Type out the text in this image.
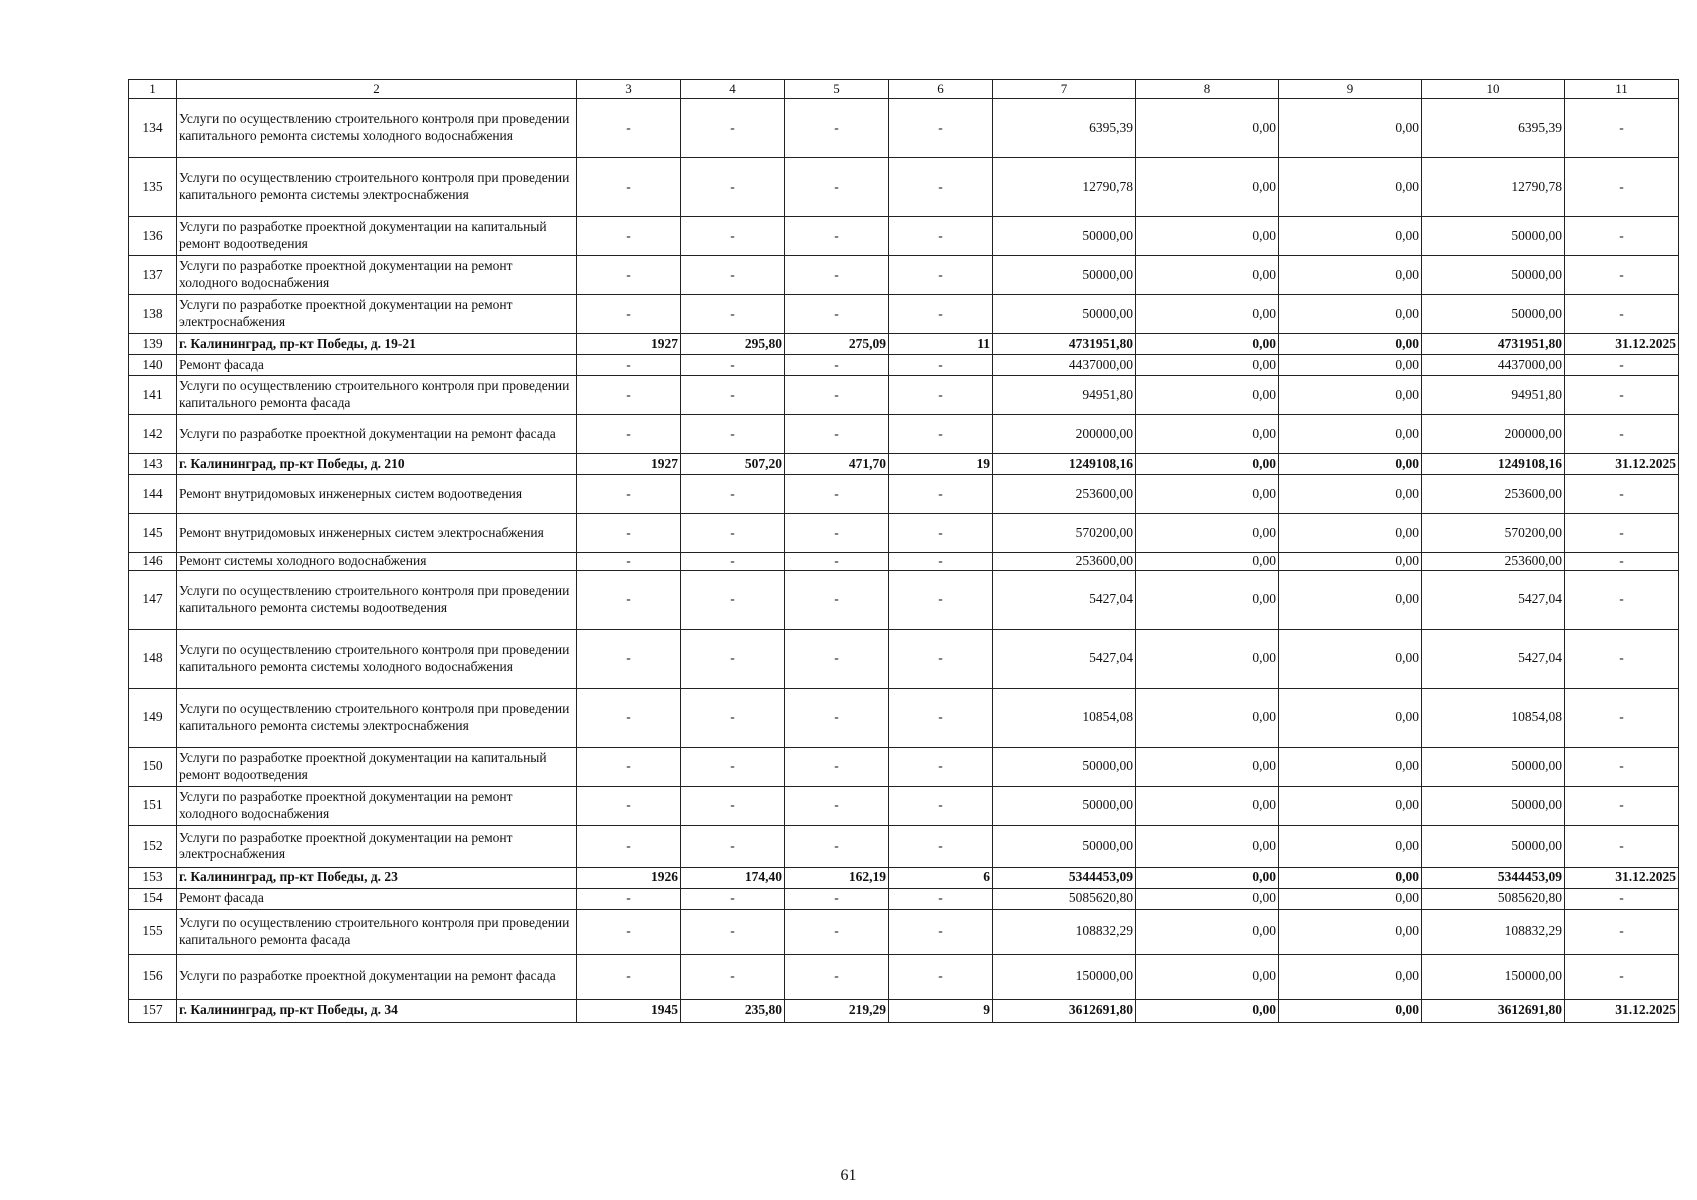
1	2	3	4	5	6	7	8	9	10	11
134	Услуги по осуществлению строительного контроля при проведении капитального ремонта системы холодного водоснабжения	-	-	-	-	6395,39	0,00	0,00	6395,39	-
135	Услуги по осуществлению строительного контроля при проведении капитального ремонта системы электроснабжения	-	-	-	-	12790,78	0,00	0,00	12790,78	-
136	Услуги по разработке проектной документации на капитальный ремонт водоотведения	-	-	-	-	50000,00	0,00	0,00	50000,00	-
137	Услуги по разработке проектной документации на ремонт холодного водоснабжения	-	-	-	-	50000,00	0,00	0,00	50000,00	-
138	Услуги по разработке проектной документации на ремонт электроснабжения	-	-	-	-	50000,00	0,00	0,00	50000,00	-
139	г. Калининград, пр-кт Победы, д. 19-21	1927	295,80	275,09	11	4731951,80	0,00	0,00	4731951,80	31.12.2025
140	Ремонт фасада	-	-	-	-	4437000,00	0,00	0,00	4437000,00	-
141	Услуги по осуществлению строительного контроля при проведении капитального ремонта фасада	-	-	-	-	94951,80	0,00	0,00	94951,80	-
142	Услуги по разработке проектной документации на ремонт фасада	-	-	-	-	200000,00	0,00	0,00	200000,00	-
143	г. Калининград, пр-кт Победы, д. 210	1927	507,20	471,70	19	1249108,16	0,00	0,00	1249108,16	31.12.2025
144	Ремонт внутридомовых инженерных систем водоотведения	-	-	-	-	253600,00	0,00	0,00	253600,00	-
145	Ремонт внутридомовых инженерных систем электроснабжения	-	-	-	-	570200,00	0,00	0,00	570200,00	-
146	Ремонт системы холодного водоснабжения	-	-	-	-	253600,00	0,00	0,00	253600,00	-
147	Услуги по осуществлению строительного контроля при проведении капитального ремонта системы водоотведения	-	-	-	-	5427,04	0,00	0,00	5427,04	-
148	Услуги по осуществлению строительного контроля при проведении капитального ремонта системы холодного водоснабжения	-	-	-	-	5427,04	0,00	0,00	5427,04	-
149	Услуги по осуществлению строительного контроля при проведении капитального ремонта системы электроснабжения	-	-	-	-	10854,08	0,00	0,00	10854,08	-
150	Услуги по разработке проектной документации на капитальный ремонт водоотведения	-	-	-	-	50000,00	0,00	0,00	50000,00	-
151	Услуги по разработке проектной документации на ремонт холодного водоснабжения	-	-	-	-	50000,00	0,00	0,00	50000,00	-
152	Услуги по разработке проектной документации на ремонт электроснабжения	-	-	-	-	50000,00	0,00	0,00	50000,00	-
153	г. Калининград, пр-кт Победы, д. 23	1926	174,40	162,19	6	5344453,09	0,00	0,00	5344453,09	31.12.2025
154	Ремонт фасада	-	-	-	-	5085620,80	0,00	0,00	5085620,80	-
155	Услуги по осуществлению строительного контроля при проведении капитального ремонта фасада	-	-	-	-	108832,29	0,00	0,00	108832,29	-
156	Услуги по разработке проектной документации на ремонт фасада	-	-	-	-	150000,00	0,00	0,00	150000,00	-
157	г. Калининград, пр-кт Победы, д. 34	1945	235,80	219,29	9	3612691,80	0,00	0,00	3612691,80	31.12.2025
61
